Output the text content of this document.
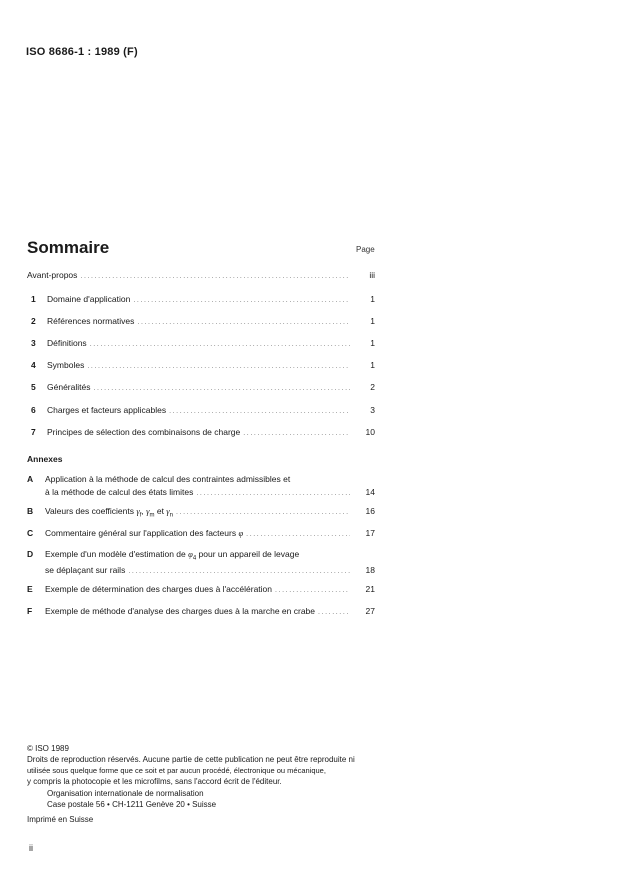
ISO 8686-1 : 1989 (F)
Sommaire	Page
Avant-propos .....	iii
1	Domaine d'application .....	1
2	Références normatives .....	1
3	Définitions .....	1
4	Symboles .....	1
5	Généralités .....	2
6	Charges et facteurs applicables .....	3
7	Principes de sélection des combinaisons de charge .....	10
Annexes
A	Application à la méthode de calcul des contraintes admissibles et
à la méthode de calcul des états limites .....	14
B	Valeurs des coefficients $\gamma_f$, $\gamma_m$ et $\gamma_n$ .....	16
C	Commentaire général sur l'application des facteurs φ .....	17
D	Exemple d'un modèle d'estimation de $\varphi_4$ pour un appareil de levage
se déplaçant sur rails .....	18
E	Exemple de détermination des charges dues à l'accélération .....	21
F	Exemple de méthode d'analyse des charges dues à la marche en crabe .....	27

© ISO 1989

Droits de reproduction réservés. Aucune partie de cette publication ne peut être reproduite ni

utilisée sous quelque forme que ce soit et par aucun procédé, électronique ou mécanique,

y compris la photocopie et les microfilms, sans l'accord écrit de l'éditeur.

Organisation internationale de normalisation

Case postale 56 • CH-1211 Genève 20 • Suisse

Imprimé en Suisse

ii
